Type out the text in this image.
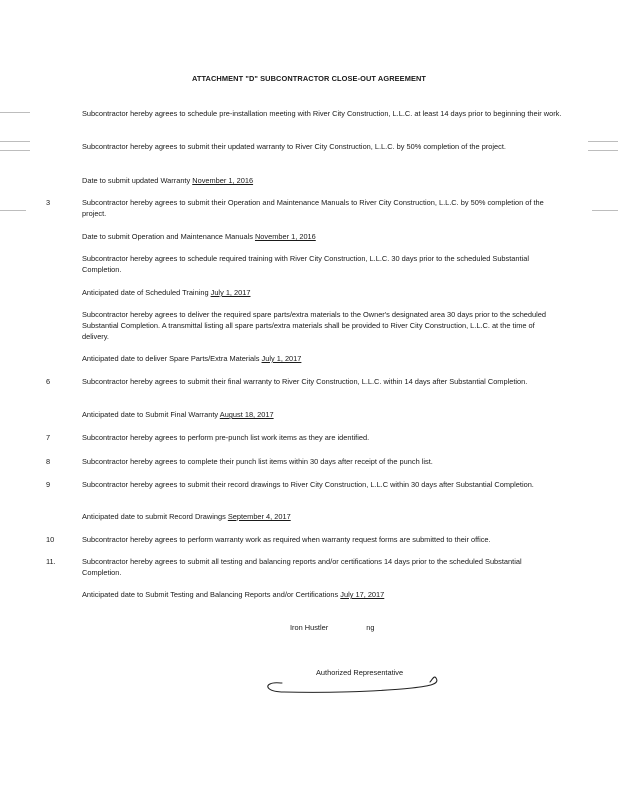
ATTACHMENT "D" SUBCONTRACTOR CLOSE-OUT AGREEMENT
Subcontractor hereby agrees to schedule pre-installation meeting with River City Construction, L.L.C. at least 14 days prior to beginning their work.
Subcontractor hereby agrees to submit their updated warranty to River City Construction, L.L.C. by 50% completion of the project.
Date to submit updated Warranty November 1, 2016
3	Subcontractor hereby agrees to submit their Operation and Maintenance Manuals to River City Construction, L.L.C. by 50% completion of the project.
Date to submit Operation and Maintenance Manuals November 1, 2016
Subcontractor hereby agrees to schedule required training with River City Construction, L.L.C. 30 days prior to the scheduled Substantial Completion.
Anticipated date of Scheduled Training July 1, 2017
Subcontractor hereby agrees to deliver the required spare parts/extra materials to the Owner's designated area 30 days prior to the scheduled Substantial Completion. A transmittal listing all spare parts/extra materials shall be provided to River City Construction, L.L.C. at the time of delivery.
Anticipated date to deliver Spare Parts/Extra Materials July 1, 2017
6	Subcontractor hereby agrees to submit their final warranty to River City Construction, L.L.C. within 14 days after Substantial Completion.
Anticipated date to Submit Final Warranty August 18, 2017
7	Subcontractor hereby agrees to perform pre-punch list work items as they are identified.
8	Subcontractor hereby agrees to complete their punch list items within 30 days after receipt of the punch list.
9	Subcontractor hereby agrees to submit their record drawings to River City Construction, L.L.C within 30 days after Substantial Completion.
Anticipated date to submit Record Drawings September 4, 2017
10	Subcontractor hereby agrees to perform warranty work as required when warranty request forms are submitted to their office.
11.	Subcontractor hereby agrees to submit all testing and balancing reports and/or certifications 14 days prior to the scheduled Substantial Completion.
Anticipated date to Submit Testing and Balancing Reports and/or Certifications July 17, 2017
Iron Hustler	ng
Authorized Representative
